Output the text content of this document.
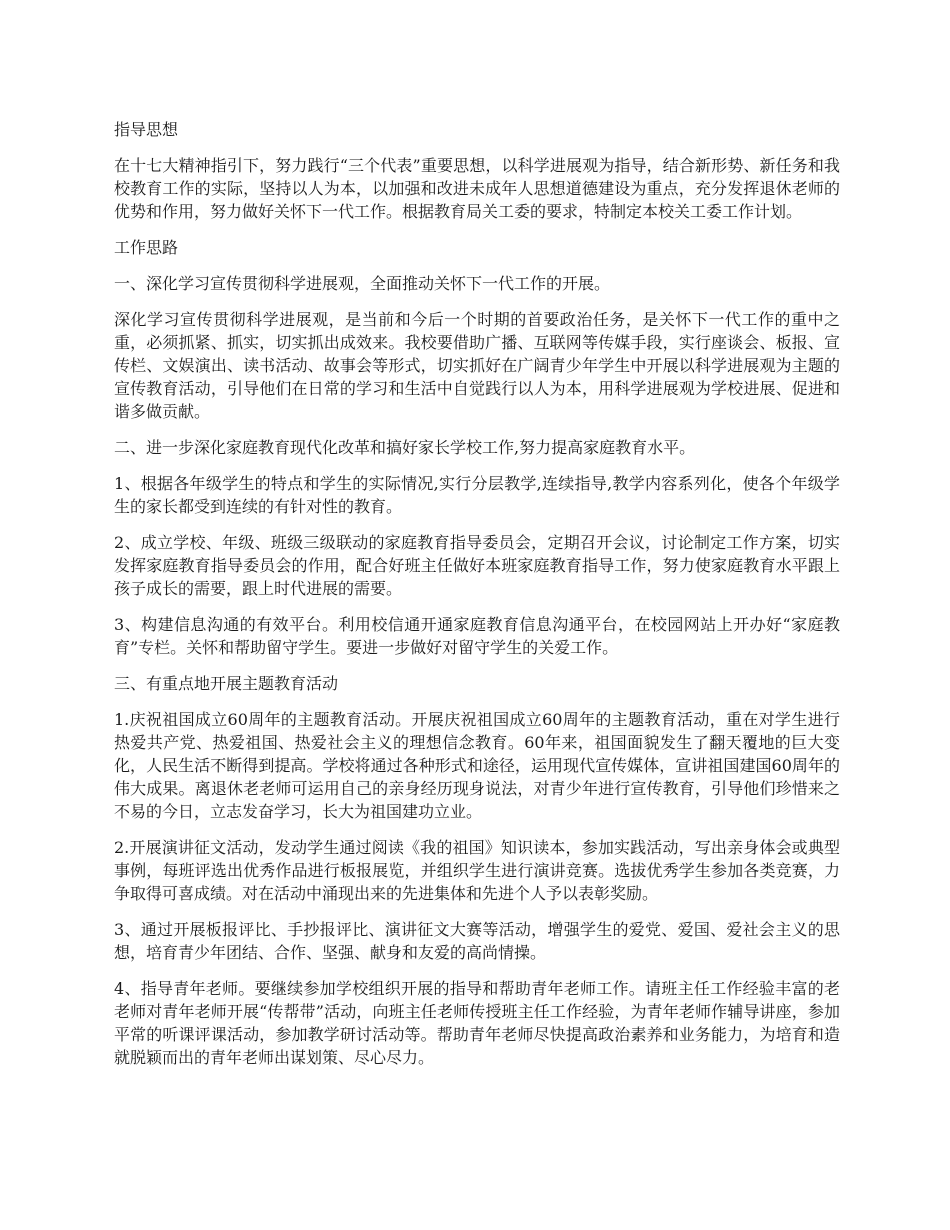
指导思想

在十七大精神指引下，努力践行“三个代表”重要思想，以科学进展观为指导，结合新形势、新任务和我校教育工作的实际，坚持以人为本，以加强和改进未成年人思想道德建设为重点，充分发挥退休老师的优势和作用，努力做好关怀下一代工作。根据教育局关工委的要求，特制定本校关工委工作计划。

工作思路

一、深化学习宣传贯彻科学进展观，全面推动关怀下一代工作的开展。

深化学习宣传贯彻科学进展观，是当前和今后一个时期的首要政治任务，是关怀下一代工作的重中之重，必须抓紧、抓实，切实抓出成效来。我校要借助广播、互联网等传媒手段，实行座谈会、板报、宣传栏、文娱演出、读书活动、故事会等形式，切实抓好在广阔青少年学生中开展以科学进展观为主题的宣传教育活动，引导他们在日常的学习和生活中自觉践行以人为本，用科学进展观为学校进展、促进和谐多做贡献。

二、进一步深化家庭教育现代化改革和搞好家长学校工作,努力提高家庭教育水平。

1、根据各年级学生的特点和学生的实际情况,实行分层教学,连续指导,教学内容系列化，使各个年级学生的家长都受到连续的有针对性的教育。

2、成立学校、年级、班级三级联动的家庭教育指导委员会，定期召开会议，讨论制定工作方案，切实发挥家庭教育指导委员会的作用，配合好班主任做好本班家庭教育指导工作，努力使家庭教育水平跟上孩子成长的需要，跟上时代进展的需要。

3、构建信息沟通的有效平台。利用校信通开通家庭教育信息沟通平台，在校园网站上开办好“家庭教育”专栏。关怀和帮助留守学生。要进一步做好对留守学生的关爱工作。

三、有重点地开展主题教育活动

1.庆祝祖国成立60周年的主题教育活动。开展庆祝祖国成立60周年的主题教育活动，重在对学生进行热爱共产党、热爱祖国、热爱社会主义的理想信念教育。60年来，祖国面貌发生了翻天覆地的巨大变化，人民生活不断得到提高。学校将通过各种形式和途径，运用现代宣传媒体，宣讲祖国建国60周年的伟大成果。离退休老老师可运用自己的亲身经历现身说法，对青少年进行宣传教育，引导他们珍惜来之不易的今日，立志发奋学习，长大为祖国建功立业。

2.开展演讲征文活动，发动学生通过阅读《我的祖国》知识读本，参加实践活动，写出亲身体会或典型事例，每班评选出优秀作品进行板报展览，并组织学生进行演讲竞赛。选拔优秀学生参加各类竞赛，力争取得可喜成绩。对在活动中涌现出来的先进集体和先进个人予以表彰奖励。

3、通过开展板报评比、手抄报评比、演讲征文大赛等活动，增强学生的爱党、爱国、爱社会主义的思想，培育青少年团结、合作、坚强、献身和友爱的高尚情操。

4、指导青年老师。要继续参加学校组织开展的指导和帮助青年老师工作。请班主任工作经验丰富的老老师对青年老师开展“传帮带”活动，向班主任老师传授班主任工作经验，为青年老师作辅导讲座，参加平常的听课评课活动，参加教学研讨活动等。帮助青年老师尽快提高政治素养和业务能力，为培育和造就脱颖而出的青年老师出谋划策、尽心尽力。
